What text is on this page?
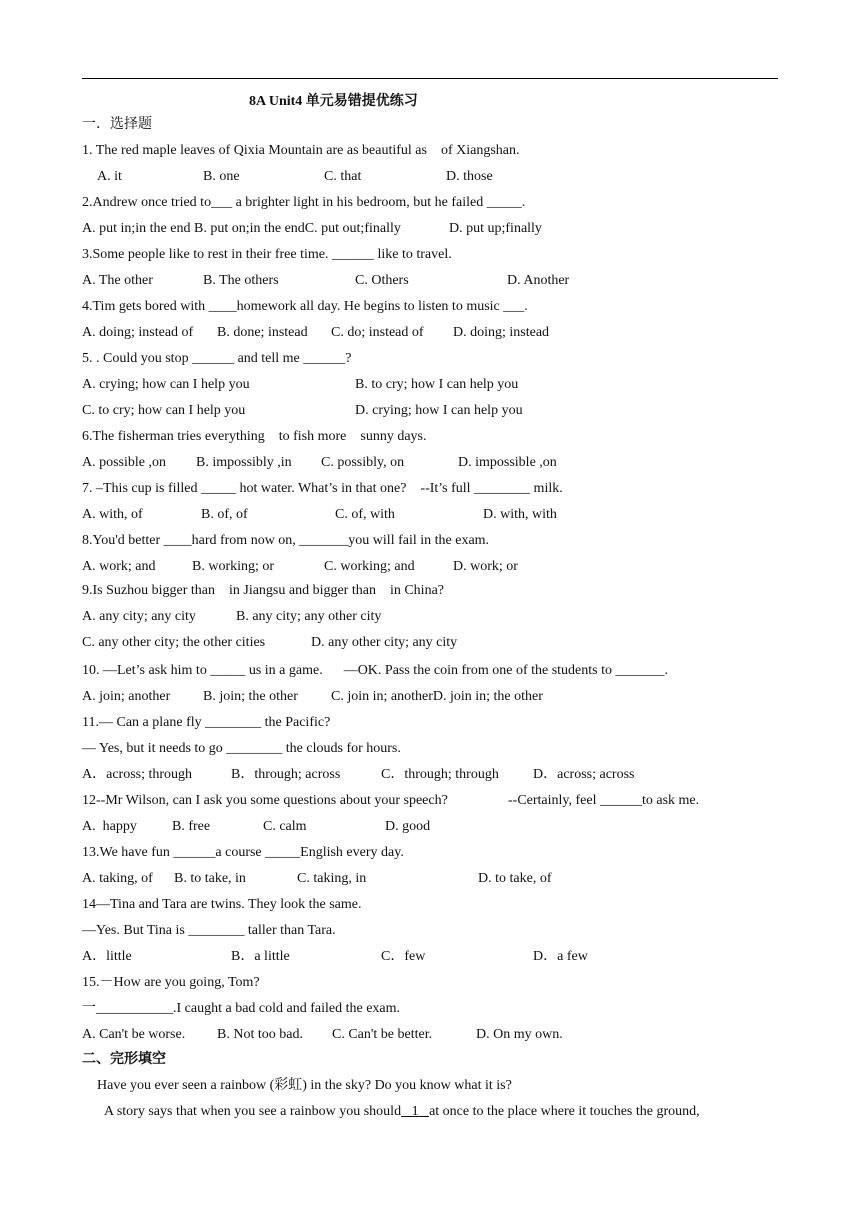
8A Unit4 单元易错提优练习
一．选择题
1. The red maple leaves of Qixia Mountain are as beautiful as    of Xiangshan.
A. it	B. one	C. that	D. those
2.Andrew once tried to___ a brighter light in his bedroom, but he failed _____.
A. put in;in the end B. put on;in the endC. put out;finally	D. put up;finally
3.Some people like to rest in their free time. ______ like to travel.
A. The other	B. The others	C. Others	D. Another
4.Tim gets bored with ____homework all day. He begins to listen to music ___.
A. doing; instead of B. done; instead C. do; instead of D. doing; instead
5. . Could you stop ______ and tell me ______?
A. crying; how can I help you	B. to cry; how I can help you
C. to cry; how can I help you	D. crying; how I can help you
6.The fisherman tries everything    to fish more    sunny days.
A. possible ,on B. impossibly ,in C. possibly, on	D. impossible ,on
7. –This cup is filled _____ hot water. What’s in that one?    --It’s full ________ milk.
A. with, of	B. of, of	C. of, with	D. with, with
8.You'd better ____hard from now on, _______you will fail in the exam.
A. work; and	B. working; or	C. working; and	D. work; or
9.Is Suzhou bigger than    in Jiangsu and bigger than    in China?
A. any city; any city	B. any city; any other city
C. any other city; the other cities	D. any other city; any city
10. —Let’s ask him to _____ us in a game.      —OK. Pass the coin from one of the students to _______.
A. join; another B. join; the other C. join in; anotherD. join in; the other
11.— Can a plane fly ________ the Pacific?
— Yes, but it needs to go ________ the clouds for hours.
A．across; through	B．through; across	C．through; through D．across; across
12--Mr Wilson, can I ask you some questions about your speech?	--Certainly, feel ______to ask me.
A.  happy	B. free	C. calm	D. good
13.We have fun ______a course _____English every day.
A. taking, of B. to take, in	C. taking, in	D. to take, of
14—Tina and Tara are twins. They look the same.
—Yes. But Tina is ________ taller than Tara.
A．little	B．a little	C．few	D．a few
15.－How are you going, Tom?
一___________.I caught a bad cold and failed the exam.
A. Can't be worse. B. Not too bad. C. Can't be better.	D. On my own.
二、完形填空
Have you ever seen a rainbow (彩虹) in the sky? Do you know what it is?
A story says that when you see a rainbow you should   1   at once to the place where it touches the ground,
